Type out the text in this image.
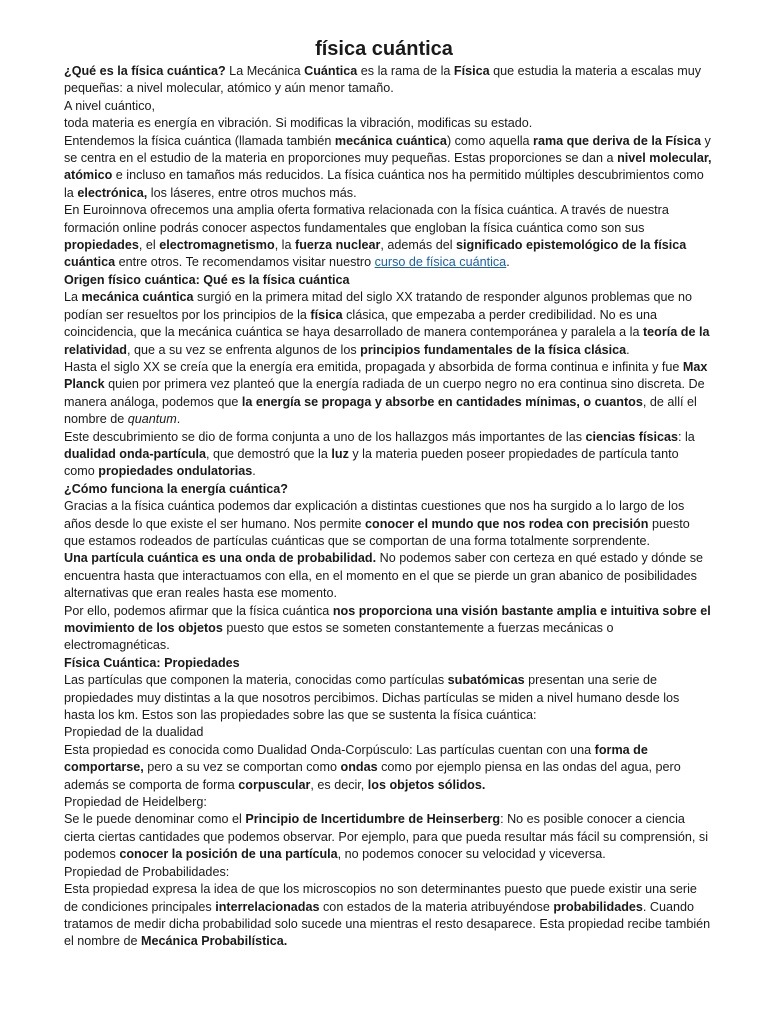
física cuántica

¿Qué es la física cuántica? La Mecánica Cuántica es la rama de la Física que estudia la materia a escalas muy pequeñas: a nivel molecular, atómico y aún menor tamaño.

A nivel cuántico,

toda materia es energía en vibración. Si modificas la vibración, modificas su estado.

Entendemos la física cuántica (llamada también mecánica cuántica) como aquella rama que deriva de la Física y se centra en el estudio de la materia en proporciones muy pequeñas. Estas proporciones se dan a nivel molecular, atómico e incluso en tamaños más reducidos. La física cuántica nos ha permitido múltiples descubrimientos como la electrónica, los láseres, entre otros muchos más.

En Euroinnova ofrecemos una amplia oferta formativa relacionada con la física cuántica. A través de nuestra formación online podrás conocer aspectos fundamentales que engloban la física cuántica como son sus propiedades, el electromagnetismo, la fuerza nuclear, además del significado epistemológico de la física cuántica entre otros. Te recomendamos visitar nuestro curso de física cuántica.

Origen físico cuántica: Qué es la física cuántica

La mecánica cuántica surgió en la primera mitad del siglo XX tratando de responder algunos problemas que no podían ser resueltos por los principios de la física clásica, que empezaba a perder credibilidad. No es una coincidencia, que la mecánica cuántica se haya desarrollado de manera contemporánea y paralela a la teoría de la relatividad, que a su vez se enfrenta algunos de los principios fundamentales de la física clásica.

Hasta el siglo XX se creía que la energía era emitida, propagada y absorbida de forma continua e infinita y fue Max Planck quien por primera vez planteó que la energía radiada de un cuerpo negro no era continua sino discreta. De manera análoga, podemos que la energía se propaga y absorbe en cantidades mínimas, o cuantos, de allí el nombre de quantum.

Este descubrimiento se dio de forma conjunta a uno de los hallazgos más importantes de las ciencias físicas: la dualidad onda-partícula, que demostró que la luz y la materia pueden poseer propiedades de partícula tanto como propiedades ondulatorias.

¿Cómo funciona la energía cuántica?

Gracias a la física cuántica podemos dar explicación a distintas cuestiones que nos ha surgido a lo largo de los años desde lo que existe el ser humano. Nos permite conocer el mundo que nos rodea con precisión puesto que estamos rodeados de partículas cuánticas que se comportan de una forma totalmente sorprendente.

Una partícula cuántica es una onda de probabilidad. No podemos saber con certeza en qué estado y dónde se encuentra hasta que interactuamos con ella, en el momento en el que se pierde un gran abanico de posibilidades alternativas que eran reales hasta ese momento.

Por ello, podemos afirmar que la física cuántica nos proporciona una visión bastante amplia e intuitiva sobre el movimiento de los objetos puesto que estos se someten constantemente a fuerzas mecánicas o electromagnéticas.

Física Cuántica: Propiedades

Las partículas que componen la materia, conocidas como partículas subatómicas presentan una serie de propiedades muy distintas a la que nosotros percibimos. Dichas partículas se miden a nivel humano desde los hasta los km. Estos son las propiedades sobre las que se sustenta la física cuántica:

Propiedad de la dualidad

Esta propiedad es conocida como Dualidad Onda-Corpúsculo: Las partículas cuentan con una forma de comportarse, pero a su vez se comportan como ondas como por ejemplo piensa en las ondas del agua, pero además se comporta de forma corpuscular, es decir, los objetos sólidos.

Propiedad de Heidelberg:

Se le puede denominar como el Principio de Incertidumbre de Heinserberg: No es posible conocer a ciencia cierta ciertas cantidades que podemos observar. Por ejemplo, para que pueda resultar más fácil su comprensión, si podemos conocer la posición de una partícula, no podemos conocer su velocidad y viceversa.

Propiedad de Probabilidades:

Esta propiedad expresa la idea de que los microscopios no son determinantes puesto que puede existir una serie de condiciones principales interrelacionadas con estados de la materia atribuyéndose probabilidades. Cuando tratamos de medir dicha probabilidad solo sucede una mientras el resto desaparece. Esta propiedad recibe también el nombre de Mecánica Probabilística.
